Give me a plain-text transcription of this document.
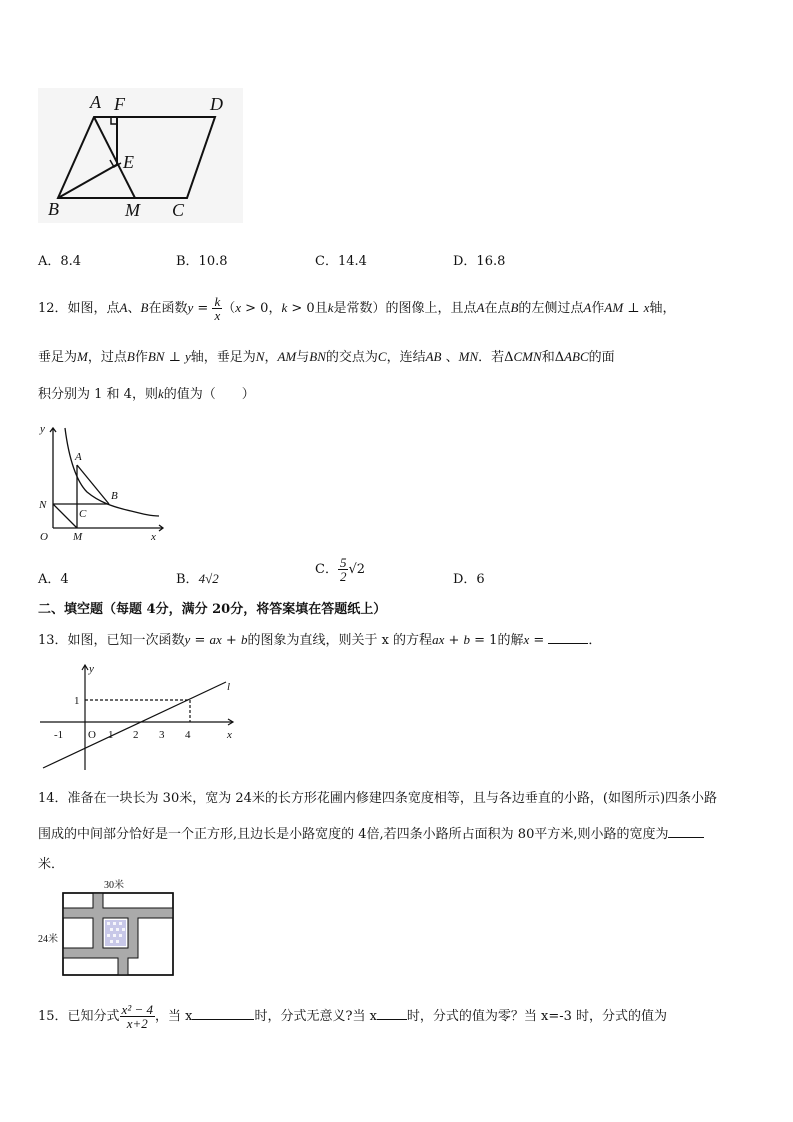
A F	D
E
B	M C
A．8.4	B．10.8	C．14.4	D．16.8
12．如图，点A、B在函数$y = \frac{k}{x} (x > 0$，k > 0且k是常数）的图像上，且点A在点B的左侧过点A作AM ⊥ x轴，
垂足为M，过点B作BN ⊥ y轴，垂足为N，AM与BN的交点为C，连结AB 、MN．若ΔCMN和ΔABC的面
积分别为 1 和 4，则k的值为（　　）
y
A
B
N
C
O M	x
A．4	B．4√2
C． $\frac{5}{2} √2$
D．6
二、填空题（每题 4分，满分 20分，将答案填在答题纸上）
13．如图，已知一次函数y = ax + b的图象为直线，则关于 x 的方程ax + b = 1的解x =	．
y
l
1
-1 O 1 2 3 4	x
14．准备在一块长为 30米，宽为 24米的长方形花圃内修建四条宽度相等，且与各边垂直的小路，(如图所示)四条小路
围成的中间部分恰好是一个正方形,且边长是小路宽度的 4倍,若四条小路所占面积为 80平方米,则小路的宽度为
米．
30米
24米
15．已知分式 $\frac{\text{x² − 4}}{x+2}$ ，当 x	时，分式无意义?当 x 时，分式的值为零？当 x=-3 时，分式的值为
